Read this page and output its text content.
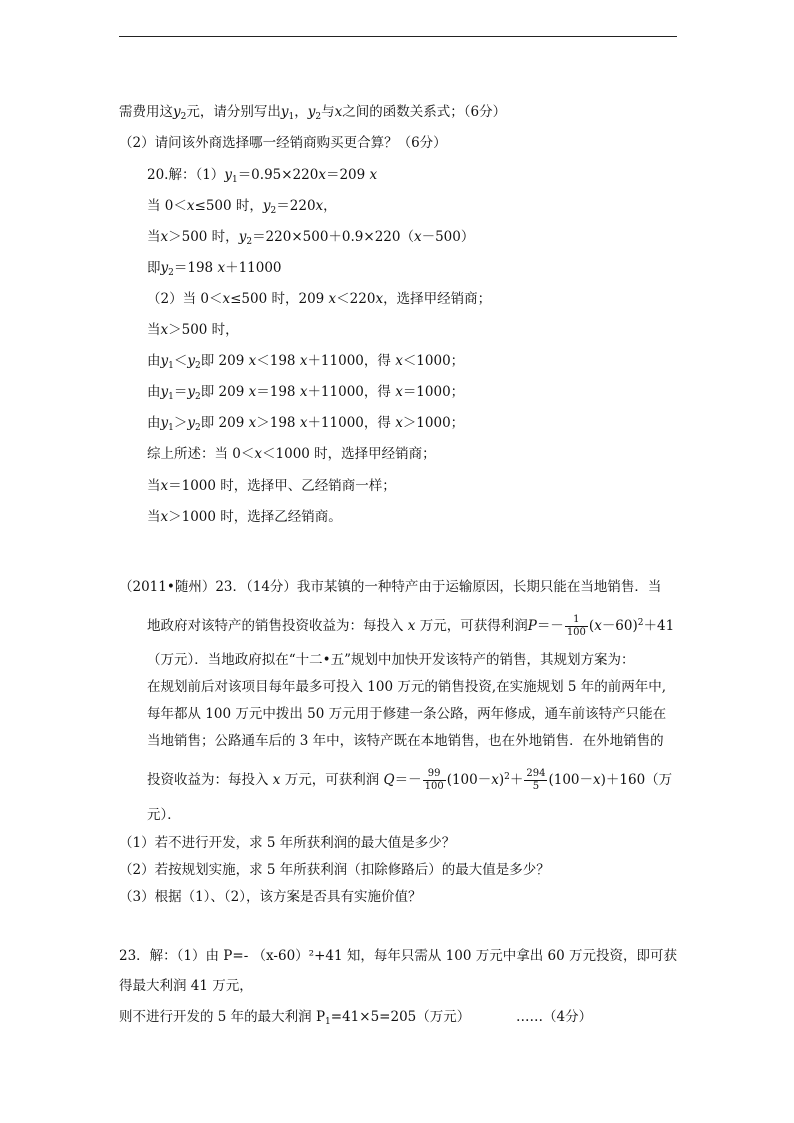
需费用这$y_2$元，请分别写出$y_1$，$y_2$与x之间的函数关系式；（6分）
（2）请问该外商选择哪一经销商购买更合算？（6分）
20.解：$(1)y_1=0.95\times 220x=209$ x
当 0＜x≤500 时，$y_2=220x$，
当x＞500 时，$y_2=220\times 500+0.9\times 220(x-500)$
即$y_2=198$ x＋11000
（2）当 0＜x≤500 时，209 x＜220x，选择甲经销商；
当x＞500 时，
由$y_1<y_2$即 209 x＜198 x＋11000，得 x＜1000；
由$y_1=y_2$即 209 x＝198 x＋11000，得 x＝1000；
由$y_1>y_2$即 209 x＞198 x＋11000，得 x＞1000；
综上所述：当 0＜x＜1000 时，选择甲经销商；
当x＝1000 时，选择甲、乙经销商一样；
当x＞1000 时，选择乙经销商。
（2011•随州）23．（14分）我市某镇的一种特产由于运输原因，长期只能在当地销售．当
地政府对该特产的销售投资收益为：每投入 x 万元，可获得利润$P=- \frac{1}{100} (x-60)^2+41$
（万元）．当地政府拟在“十二•五”规划中加快开发该特产的销售，其规划方案为：
在规划前后对该项目每年最多可投入 100 万元的销售投资,在实施规划 5 年的前两年中,
每年都从 100 万元中拨出 50 万元用于修建一条公路，两年修成，通车前该特产只能在
当地销售；公路通车后的 3 年中，该特产既在本地销售，也在外地销售．在外地销售的
投资收益为：每投入 x 万元，可获利润 $Q=- \frac{99}{100} (100-x)^2+ \frac{294}{5} (100-x)+160$（万
元）．
（1）若不进行开发，求 5 年所获利润的最大值是多少？
（2）若按规划实施，求 5 年所获利润（扣除修路后）的最大值是多少？
（3）根据（1）、（2），该方案是否具有实施价值？
23．解：（1）由 P=- （x-60）²+41 知，每年只需从 100 万元中拿出 60 万元投资，即可获
得最大利润 41 万元，
则不进行开发的 5 年的最大利润 $P_1=41\times 5=205$（万元）	……（4分）
